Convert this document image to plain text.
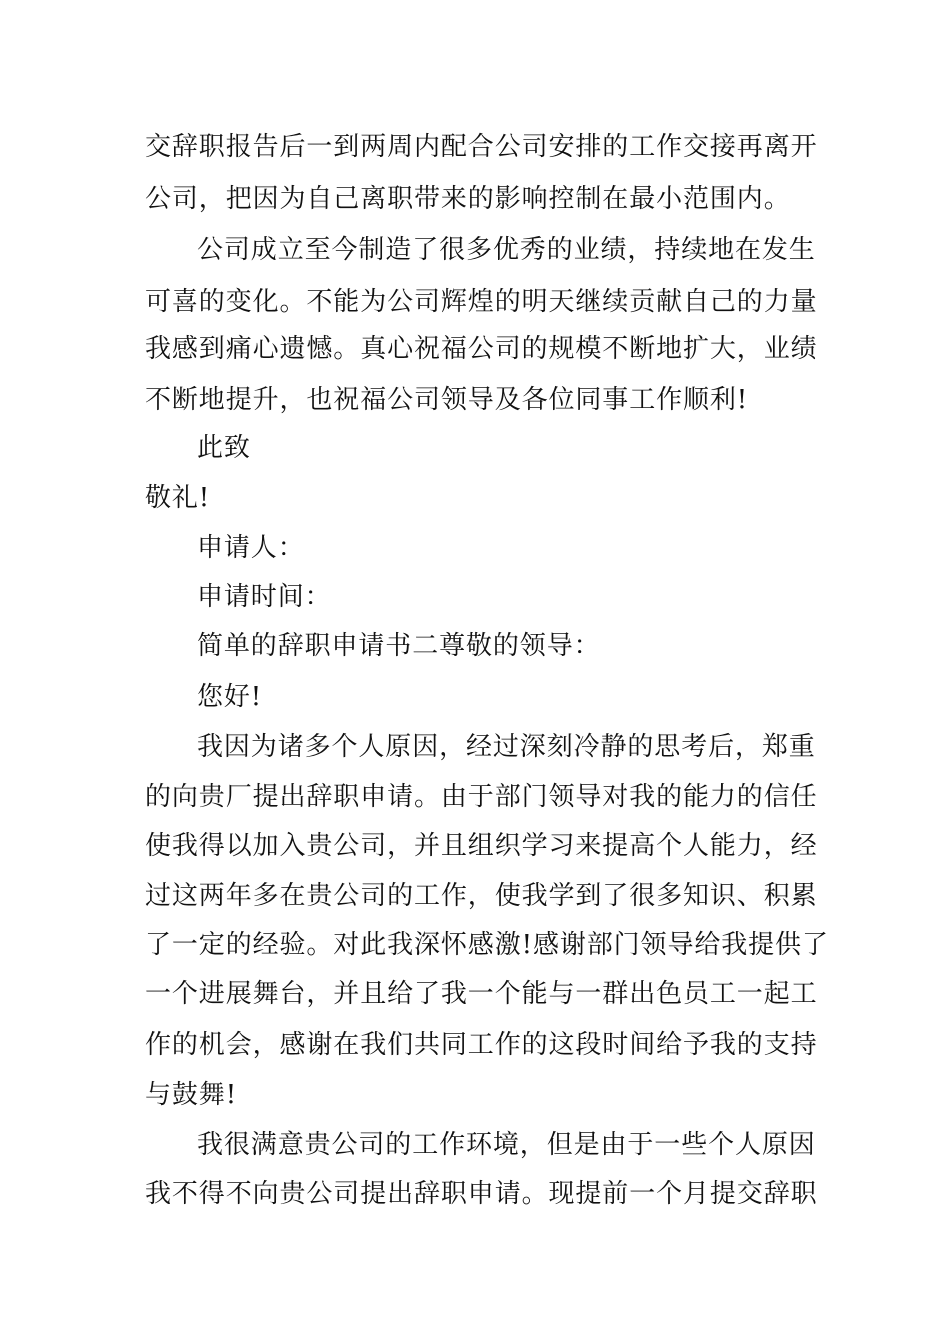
交辞职报告后一到两周内配合公司安排的工作交接再离开
公司，把因为自己离职带来的影响控制在最小范围内。
公司成立至今制造了很多优秀的业绩，持续地在发生
可喜的变化。不能为公司辉煌的明天继续贡献自己的力量
我感到痛心遗憾。真心祝福公司的规模不断地扩大，业绩
不断地提升，也祝福公司领导及各位同事工作顺利!
此致
敬礼!
申请人：
申请时间：
简单的辞职申请书二尊敬的领导：
您好!
我因为诸多个人原因，经过深刻冷静的思考后，郑重
的向贵厂提出辞职申请。由于部门领导对我的能力的信任
使我得以加入贵公司，并且组织学习来提高个人能力，经
过这两年多在贵公司的工作，使我学到了很多知识、积累
了一定的经验。对此我深怀感激!感谢部门领导给我提供了
一个进展舞台，并且给了我一个能与一群出色员工一起工
作的机会，感谢在我们共同工作的这段时间给予我的支持
与鼓舞!
我很满意贵公司的工作环境，但是由于一些个人原因
我不得不向贵公司提出辞职申请。现提前一个月提交辞职
